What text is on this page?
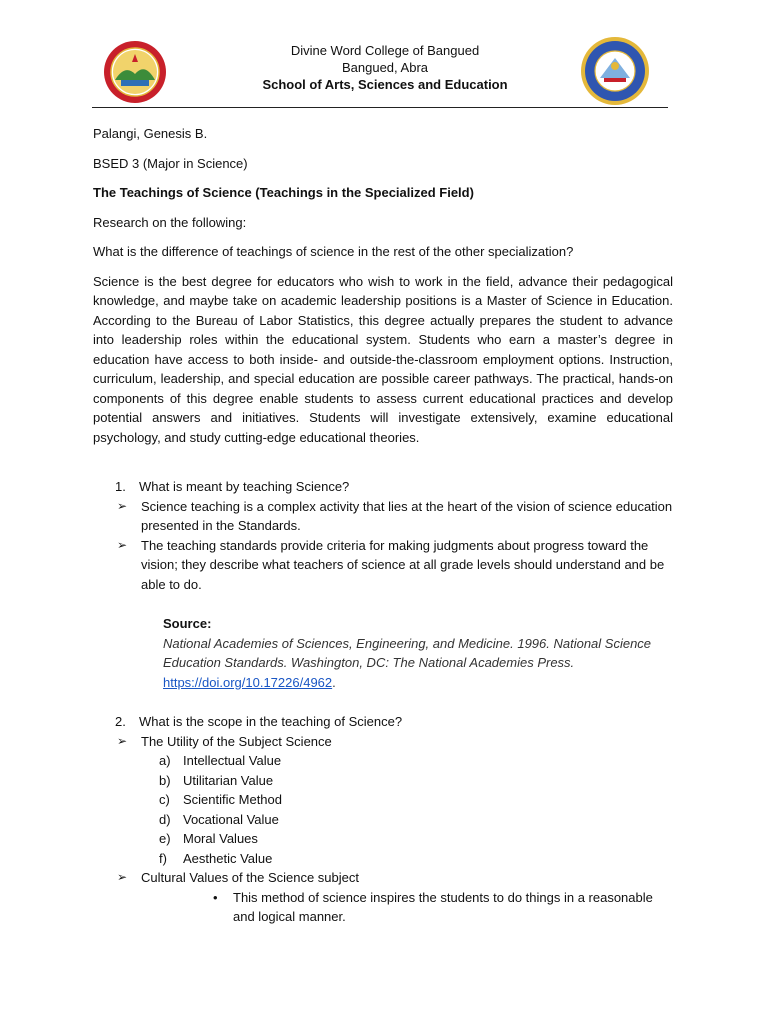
Divine Word College of Bangued
Bangued, Abra
School of Arts, Sciences and Education
Palangi, Genesis B.
BSED 3 (Major in Science)
The Teachings of Science (Teachings in the Specialized Field)
Research on the following:
What is the difference of teachings of science in the rest of the other specialization?
Science is the best degree for educators who wish to work in the field, advance their pedagogical knowledge, and maybe take on academic leadership positions is a Master of Science in Education. According to the Bureau of Labor Statistics, this degree actually prepares the student to advance into leadership roles within the educational system. Students who earn a master’s degree in education have access to both inside- and outside-the-classroom employment options. Instruction, curriculum, leadership, and special education are possible career pathways. The practical, hands-on components of this degree enable students to assess current educational practices and develop potential answers and initiatives. Students will investigate extensively, examine educational psychology, and study cutting-edge educational theories.
1. What is meant by teaching Science?
➢ Science teaching is a complex activity that lies at the heart of the vision of science education presented in the Standards.
➢ The teaching standards provide criteria for making judgments about progress toward the vision; they describe what teachers of science at all grade levels should understand and be able to do.
Source:
National Academies of Sciences, Engineering, and Medicine. 1996. National Science Education Standards. Washington, DC: The National Academies Press. https://doi.org/10.17226/4962.
2. What is the scope in the teaching of Science?
➢ The Utility of the Subject Science
a) Intellectual Value
b) Utilitarian Value
c) Scientific Method
d) Vocational Value
e) Moral Values
f) Aesthetic Value
➢ Cultural Values of the Science subject
• This method of science inspires the students to do things in a reasonable and logical manner.
